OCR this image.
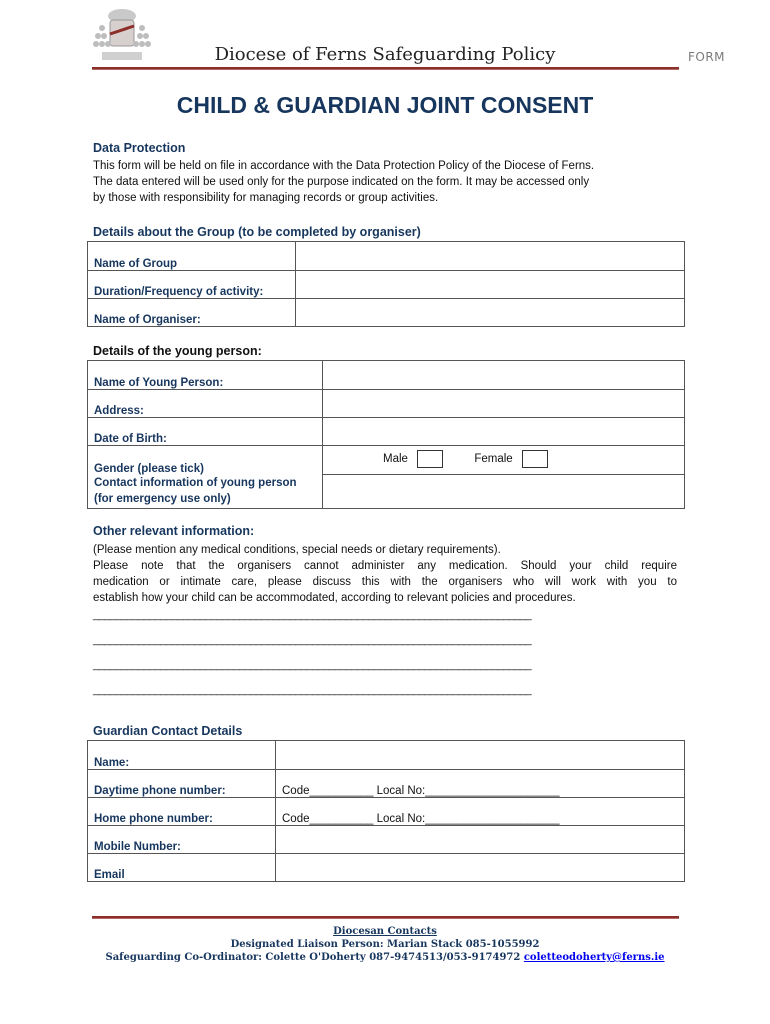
Diocese of Ferns Safeguarding Policy	FORM
CHILD & GUARDIAN JOINT CONSENT
Data Protection
This form will be held on file in accordance with the Data Protection Policy of the Diocese of Ferns.
The data entered will be used only for the purpose indicated on the form. It may be accessed only
by those with responsibility for managing records or group activities.
Details about the Group (to be completed by organiser)
Name of Group	
Duration/Frequency of activity:	
Name of Organiser:	
Details of the young person:
Name of Young Person:	
Address:	
Date of Birth:	
Gender (please tick)	Male Female

Contact information of young person
(for emergency use only)	

Other relevant information:
(Please mention any medical conditions, special needs or dietary requirements).
Please note that the organisers cannot administer any medication. Should your child require
medication or intimate care, please discuss this with the organisers who will work with you to
establish how your child can be accommodated, according to relevant policies and procedures.
______________________________________________________________________________
______________________________________________________________________________
______________________________________________________________________________
______________________________________________________________________________
Guardian Contact Details
Name:	
Daytime phone number:	Code__________ Local No:_____________________
Home phone number:	Code__________ Local No:_____________________
Mobile Number:	
Email	
Diocesan Contacts
Designated Liaison Person: Marian Stack 085-1055992
Safeguarding Co-Ordinator: Colette O'Doherty 087-9474513/053-9174972 coletteodoherty@ferns.ie
